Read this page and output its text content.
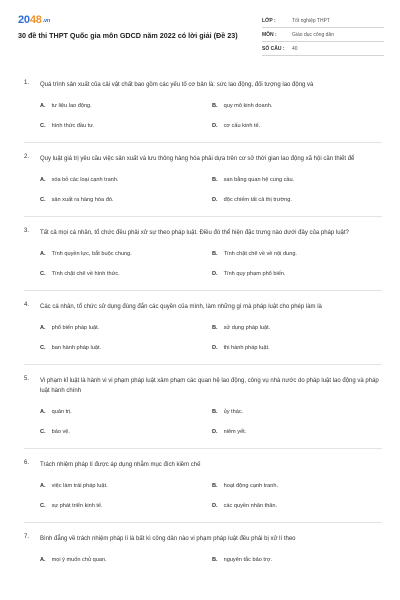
2048.vn
30 đề thi THPT Quốc gia môn GDCD năm 2022 có lời giải (Đề 23)
LỚP :	Tốt nghiệp THPT
MÔN :	Giáo dục công dân
SỐ CÂU :	40
1. Quá trình sản xuất của cải vật chất bao gồm các yếu tố cơ bản là: sức lao động, đối tượng lao động và
A. tư liệu lao động.	B. quy mô kinh doanh.
C. hình thức đầu tư.	D. cơ cấu kinh tế.
2. Quy luật giá trị yêu cầu việc sản xuất và lưu thông hàng hóa phải dựa trên cơ sở thời gian lao động xã hội cần thiết để
A. xóa bỏ các loại cạnh tranh.	B. san bằng quan hệ cung cầu.
C. sản xuất ra hàng hóa đó.	D. độc chiếm tất cả thị trường.
3. Tất cả mọi cá nhân, tổ chức đều phải xử sự theo pháp luật. Điều đó thể hiện đặc trưng nào dưới đây của pháp luật?
A. Tính quyền lực, bắt buộc chung.	B. Tính chặt chẽ về về nội dung.
C. Tính chặt chẽ về hình thức.	D. Tính quy phạm phổ biến.
4. Các cá nhân, tổ chức sử dụng đúng đắn các quyền của mình, làm những gì mà pháp luật cho phép làm là
A. phổ biến pháp luật.	B. sử dụng pháp luật.
C. ban hành pháp luật.	D. thi hành pháp luật.
5. Vi phạm kỉ luật là hành vi vi phạm pháp luật xâm phạm các quan hệ lao động, công vụ nhà nước do pháp luật lao động và pháp luật hành chính
A. quản trị.	B. ủy thác.
C. bảo vệ.	D. niêm yết.
6. Trách nhiệm pháp lí được áp dụng nhằm mục đích kiềm chế
A. việc làm trái pháp luật.	B. hoạt động cạnh tranh.
C. sự phát triển kinh tế.	D. các quyền nhân thân.
7. Bình đẳng về trách nhiệm pháp lí là bất kì công dân nào vi phạm pháp luật đều phải bị xử lí theo
A. mọi ý muốn chủ quan.	B. nguyên tắc bảo trợ.
